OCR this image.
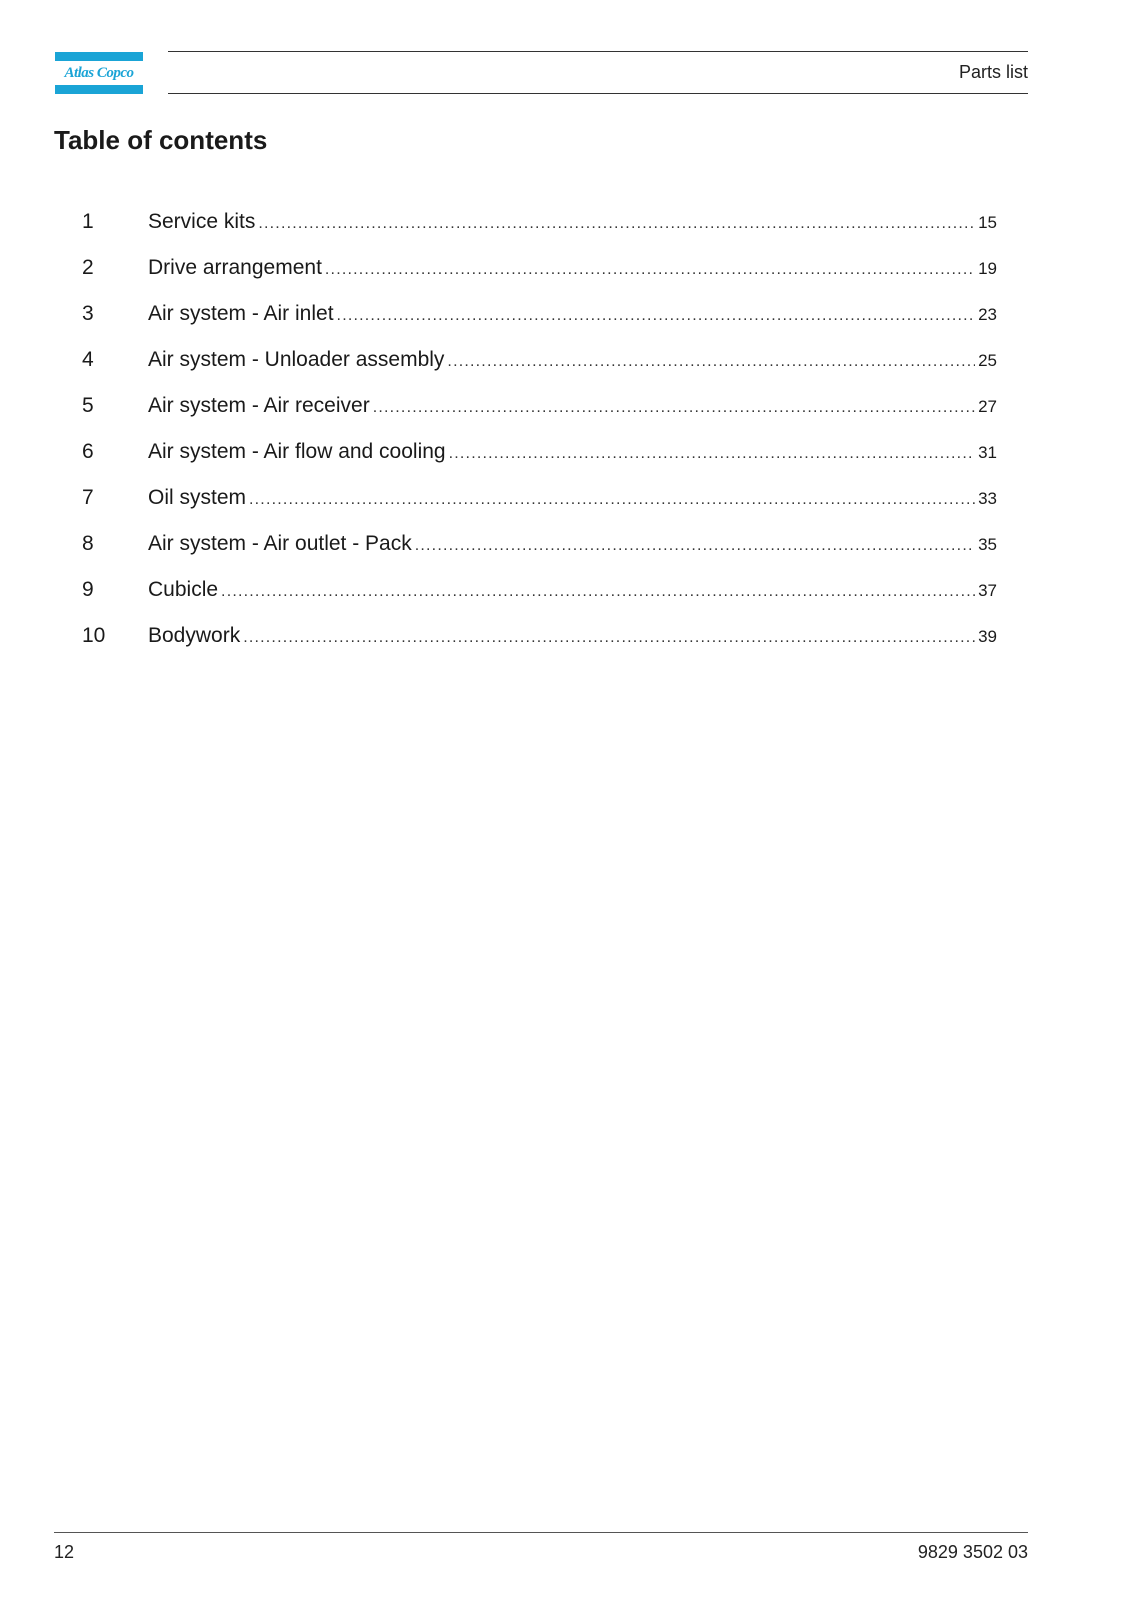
Atlas Copco	Parts list
Table of contents
1	Service kits .....	15
2	Drive arrangement .....	19
3	Air system - Air inlet .....	23
4	Air system - Unloader assembly .....	25
5	Air system - Air receiver .....	27
6	Air system - Air flow and cooling .....	31
7	Oil system .....	33
8	Air system - Air outlet - Pack .....	35
9	Cubicle .....	37
10	Bodywork .....	39
12	9829 3502 03
